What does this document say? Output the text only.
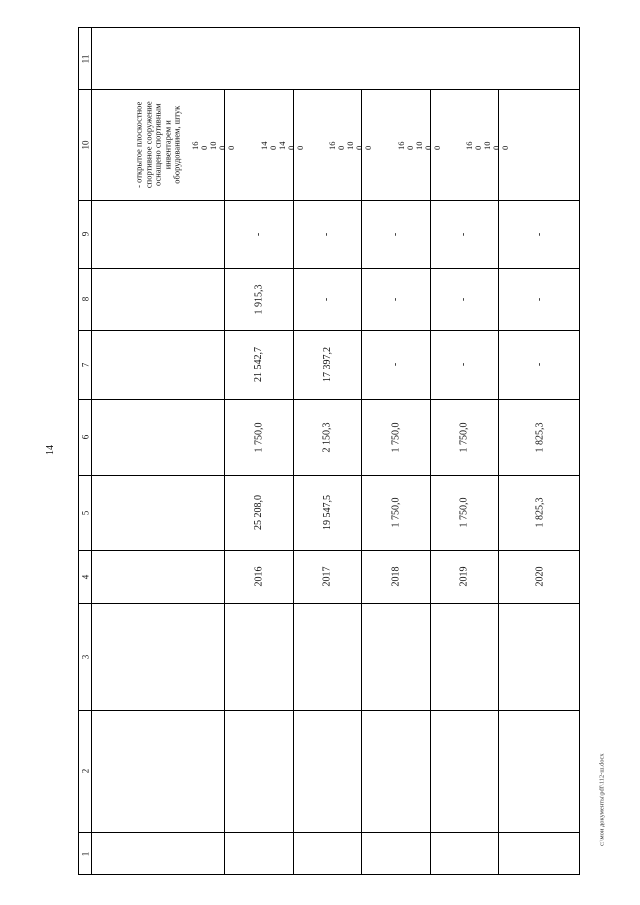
14
c:\мои документы\pdf\112-ш.docx
1
2
3
4
5
6
7
8
9
10
11
- открытое плоскостное спортивное сооружение оснащено спортивным инвентарем и оборудованием, штук
2016
25 208,0
1 750,0
21 542,7
1 915,3
-
16 0 10 0 0
2017
19 547,5
2 150,3
17 397,2
-
-
14 0 14 0 0
2018
1 750,0
1 750,0
-
-
-
16 0 10 0 0
2019
1 750,0
1 750,0
-
-
-
16 0 10 0 0
2020
1 825,3
1 825,3
-
-
-
16 0 10 0 0
